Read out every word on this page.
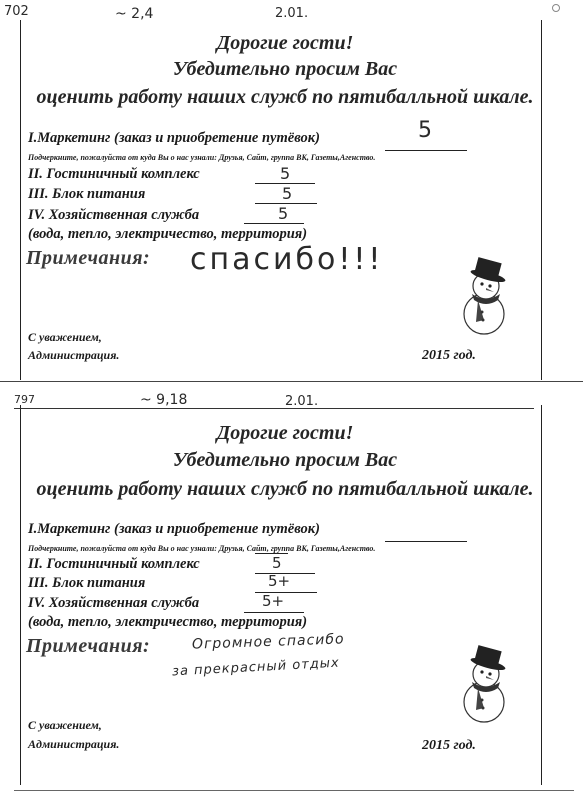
702	~ 2,4	2.01.
Дорогие гости!
Убедительно просим Вас
оценить работу наших служб по пятибалльной шкале.
I.Маркетинг (заказ и приобретение путёвок)	5
Подчеркните, пожалуйста от куда Вы о нас узнали: Друзья, Сайт, группа ВК, Газеты,Агенство.
II. Гостиничный комплекс	5
III. Блок питания	5
IV. Хозяйственная служба	5
(вода, тепло, электричество, территория)
Примечания: спасибо!!!
С уважением,
Администрация.	2015 год.
797	~ 9,18	2.01.
Дорогие гости!
Убедительно просим Вас
оценить работу наших служб по пятибалльной шкале.
I.Маркетинг (заказ и приобретение путёвок)
Подчеркните, пожалуйста от куда Вы о нас узнали: Друзья, Сайт, группа ВК, Газеты,Агенство.
II. Гостиничный комплекс	5
III. Блок питания	5+
IV. Хозяйственная служба	5+
(вода, тепло, электричество, территория)
Примечания:	Огромное спасибо
за прекрасный отдых
С уважением,
Администрация.	2015 год.
